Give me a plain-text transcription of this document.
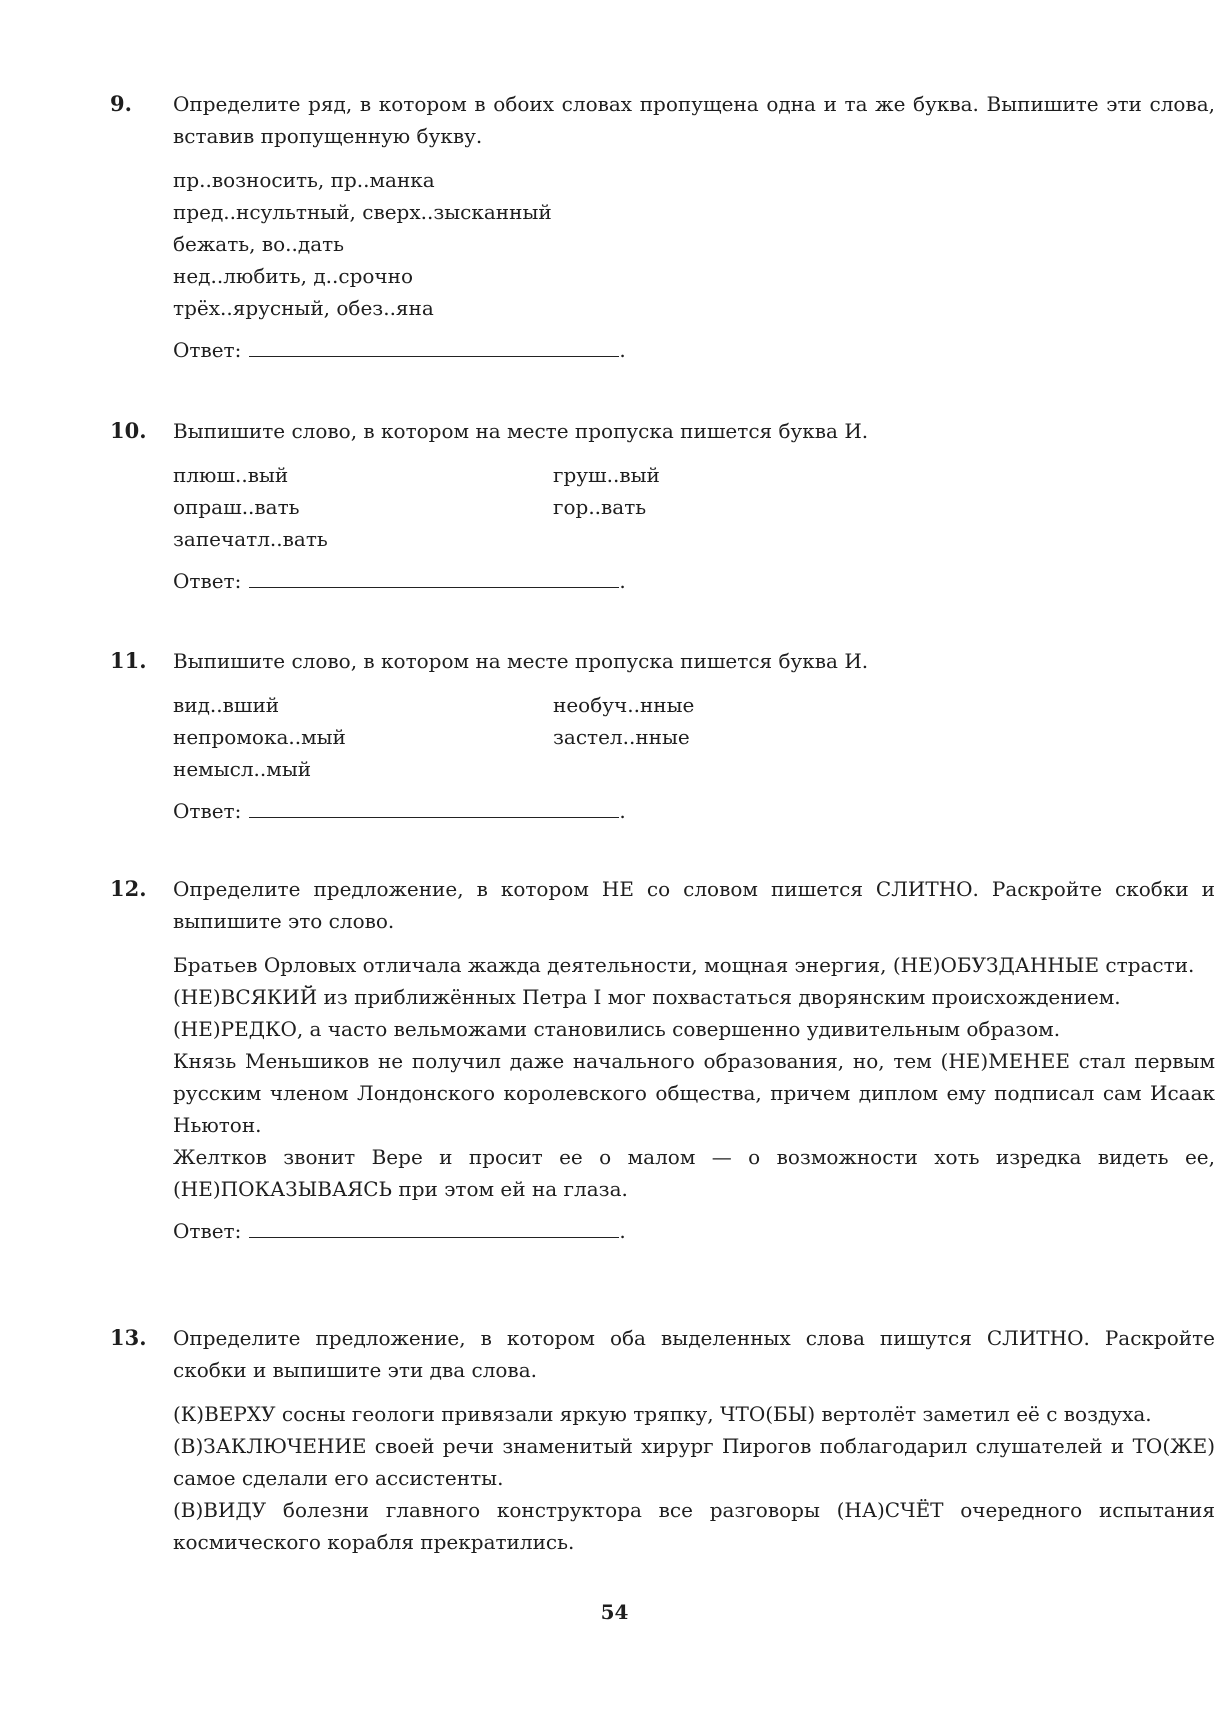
9.	Определите ряд, в котором в обоих словах пропущена одна и та же буква. Выпишите эти слова, вставив пропущенную букву.
пр..возносить, пр..манка
пред..нсультный, сверх..зысканный
бежать, во..дать
нед..любить, д..срочно
трёх..ярусный, обез..яна
Ответ:	.
10.	Выпишите слово, в котором на месте пропуска пишется буква И.
плюш..вый
опраш..вать
запечатл..вать
груш..вый
гор..вать
Ответ:	.
11.	Выпишите слово, в котором на месте пропуска пишется буква И.
вид..вший
непромока..мый
немысл..мый
необуч..нные
застел..нные
Ответ:	.
12.	Определите предложение, в котором НЕ со словом пишется СЛИТНО. Раскройте скобки и выпишите это слово.
Братьев Орловых отличала жажда деятельности, мощная энергия, (НЕ)ОБУЗДАННЫЕ страсти.
(НЕ)ВСЯКИЙ из приближённых Петра I мог похвастаться дворянским происхождением.
(НЕ)РЕДКО, а часто вельможами становились совершенно удивительным образом.
Князь Меньшиков не получил даже начального образования, но, тем (НЕ)МЕНЕЕ стал первым русским членом Лондонского королевского общества, причем диплом ему подписал сам Исаак Ньютон.
Желтков звонит Вере и просит ее о малом — о возможности хоть изредка видеть ее, (НЕ)ПОКАЗЫВАЯСЬ при этом ей на глаза.
Ответ:	.
13.	Определите предложение, в котором оба выделенных слова пишутся СЛИТНО. Раскройте скобки и выпишите эти два слова.
(К)ВЕРХУ сосны геологи привязали яркую тряпку, ЧТО(БЫ) вертолёт заметил её с воздуха.
(В)ЗАКЛЮЧЕНИЕ своей речи знаменитый хирург Пирогов поблагодарил слушателей и ТО(ЖЕ) самое сделали его ассистенты.
(В)ВИДУ болезни главного конструктора все разговоры (НА)СЧЁТ очередного испытания космического корабля прекратились.
54
